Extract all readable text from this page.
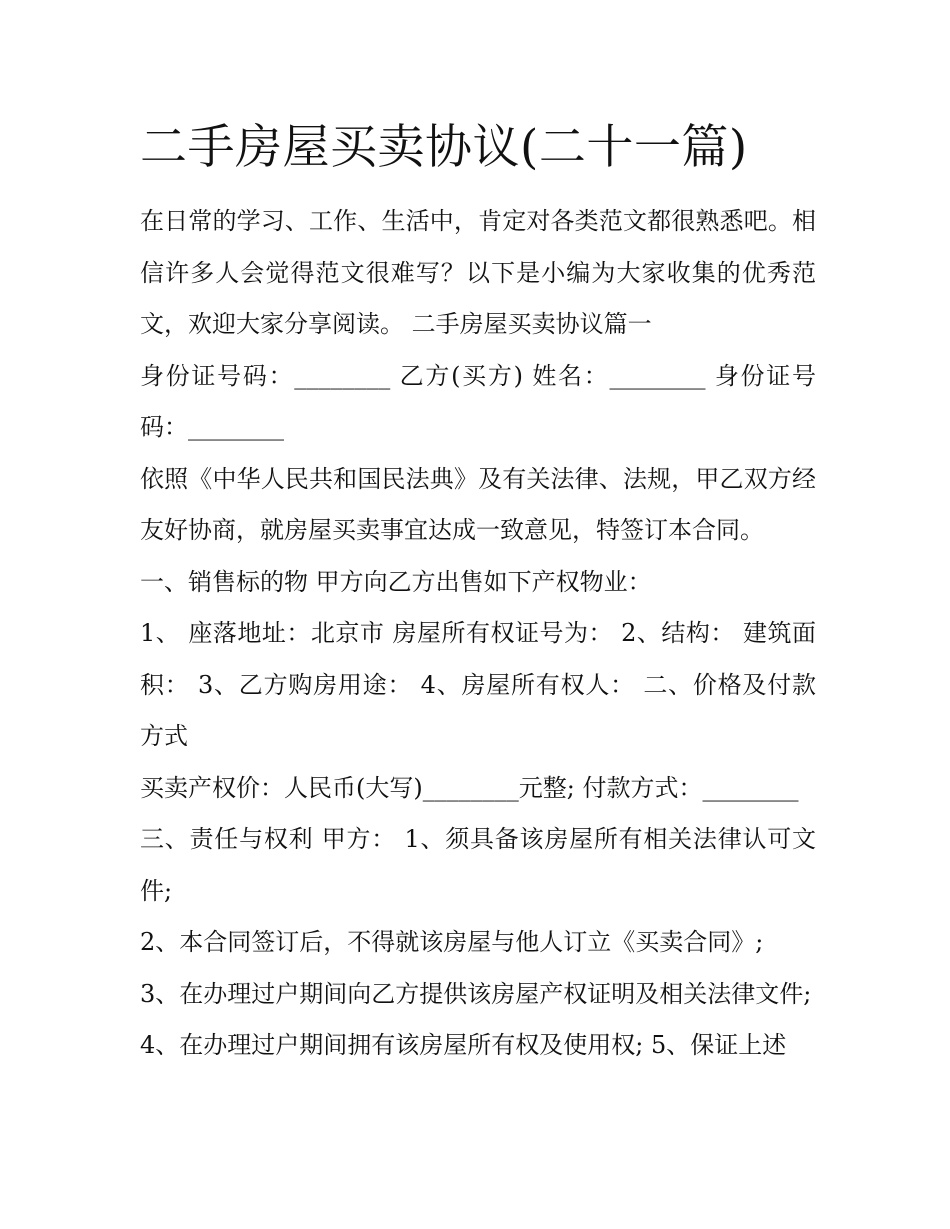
二手房屋买卖协议(二十一篇)

在日常的学习、工作、生活中，肯定对各类范文都很熟悉吧。相信许多人会觉得范文很难写？以下是小编为大家收集的优秀范文，欢迎大家分享阅读。 二手房屋买卖协议篇一

身份证号码：________ 乙方(买方) 姓名：________ 身份证号码：________

依照《中华人民共和国民法典》及有关法律、法规，甲乙双方经友好协商，就房屋买卖事宜达成一致意见，特签订本合同。

一、销售标的物 甲方向乙方出售如下产权物业：

1、 座落地址：北京市 房屋所有权证号为： 2、结构： 建筑面积： 3、乙方购房用途： 4、房屋所有权人： 二、价格及付款方式

买卖产权价：人民币(大写)________元整; 付款方式：________

三、责任与权利 甲方： 1、须具备该房屋所有相关法律认可文件;

2、本合同签订后，不得就该房屋与他人订立《买卖合同》;

3、在办理过户期间向乙方提供该房屋产权证明及相关法律文件;

4、在办理过户期间拥有该房屋所有权及使用权; 5、保证上述
